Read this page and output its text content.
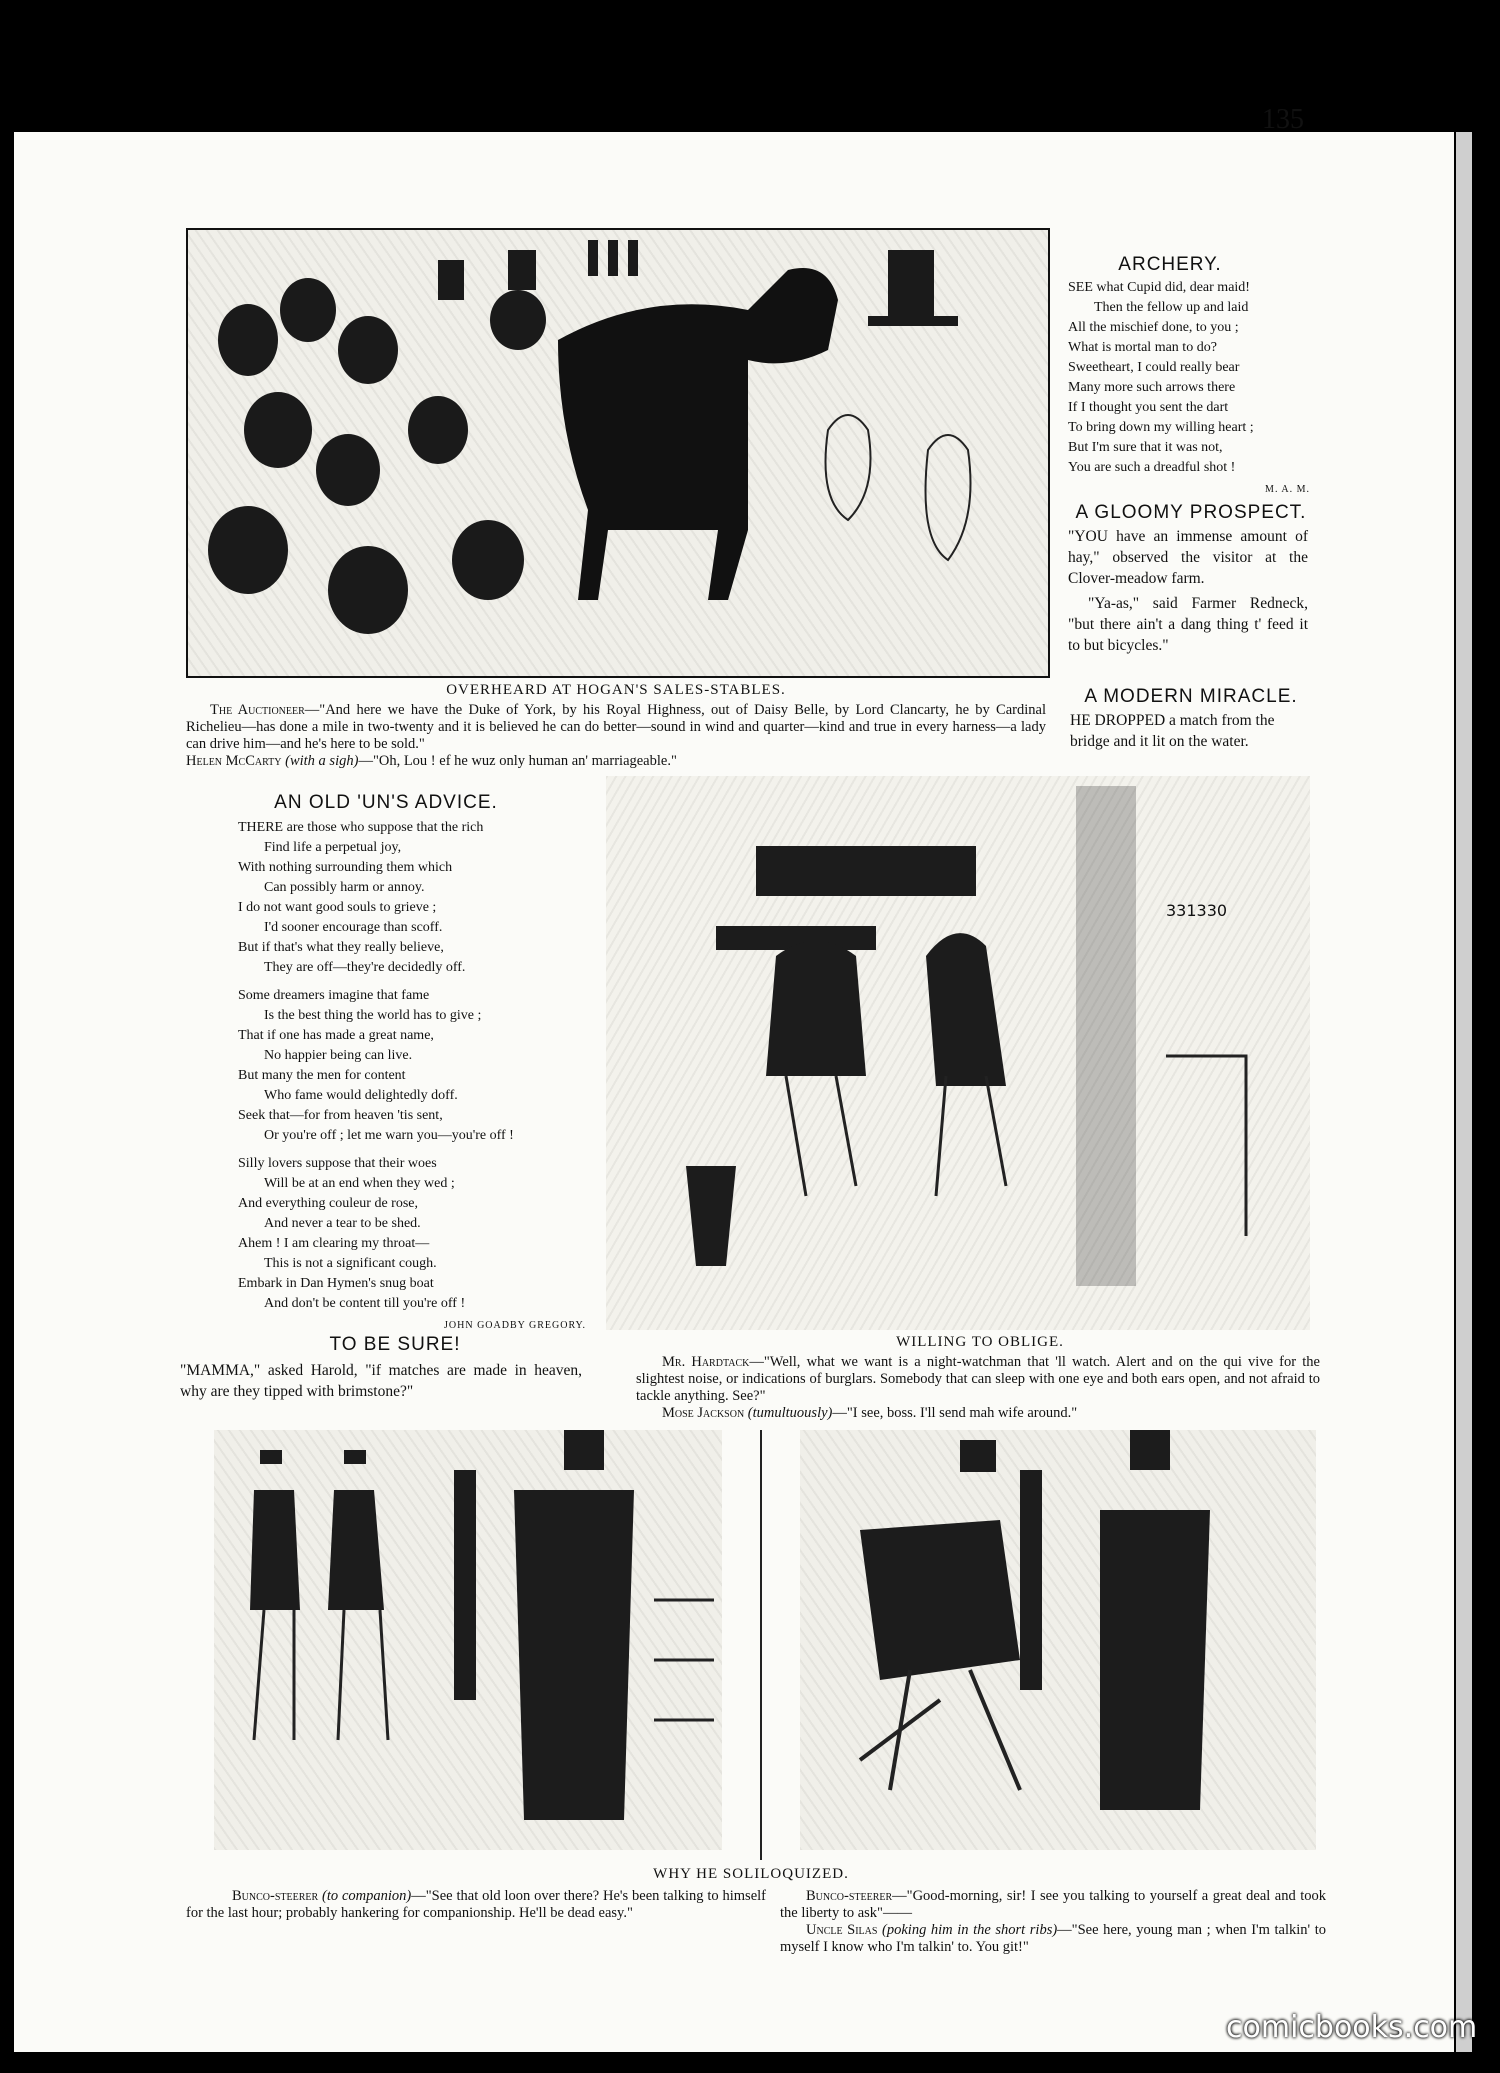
135
OVERHEARD AT HOGAN'S SALES-STABLES.
The Auctioneer—"And here we have the Duke of York, by his Royal Highness, out of Daisy Belle, by Lord Clancarty, he by Cardinal Richelieu—has done a mile in two-twenty and it is believed he can do better—sound in wind and quarter—kind and true in every harness—a lady can drive him—and he's here to be sold."
Helen McCarty (with a sigh)—"Oh, Lou ! ef he wuz only human an' marriageable."
ARCHERY.
SEE what Cupid did, dear maid!
Then the fellow up and laid
All the mischief done, to you ;
What is mortal man to do?
Sweetheart, I could really bear
Many more such arrows there
If I thought you sent the dart
To bring down my willing heart ;
But I'm sure that it was not,
You are such a dreadful shot !
M. A. M.
A GLOOMY PROSPECT.

"YOU have an immense amount of hay," observed the visitor at the Clover-meadow farm.

"Ya-as," said Farmer Redneck, "but there ain't a dang thing t' feed it to but bicycles."

A MODERN MIRACLE.
HE DROPPED a match from the bridge and it lit on the water.
AN OLD 'UN'S ADVICE.
THERE are those who suppose that the rich
Find life a perpetual joy,
With nothing surrounding them which
Can possibly harm or annoy.
I do not want good souls to grieve ;
I'd sooner encourage than scoff.
But if that's what they really believe,
They are off—they're decidedly off.
Some dreamers imagine that fame
Is the best thing the world has to give ;
That if one has made a great name,
No happier being can live.
But many the men for content
Who fame would delightedly doff.
Seek that—for from heaven 'tis sent,
Or you're off ; let me warn you—you're off !
Silly lovers suppose that their woes
Will be at an end when they wed ;
And everything couleur de rose,
And never a tear to be shed.
Ahem ! I am clearing my throat—
This is not a significant cough.
Embark in Dan Hymen's snug boat
And don't be content till you're off !
JOHN GOADBY GREGORY.
331330
WILLING TO OBLIGE.
Mr. Hardtack—"Well, what we want is a night-watchman that 'll watch. Alert and on the qui vive for the slightest noise, or indications of burglars. Somebody that can sleep with one eye and both ears open, and not afraid to tackle anything. See?"
Mose Jackson (tumultuously)—"I see, boss. I'll send mah wife around."
TO BE SURE!
"MAMMA," asked Harold, "if matches are made in heaven, why are they tipped with brimstone?"
WHY HE SOLILOQUIZED.
Bunco-steerer (to companion)—"See that old loon over there? He's been talking to himself for the last hour; probably hankering for companionship. He'll be dead easy."
Bunco-steerer—"Good-morning, sir! I see you talking to yourself a great deal and took the liberty to ask"——
Uncle Silas (poking him in the short ribs)—"See here, young man ; when I'm talkin' to myself I know who I'm talkin' to. You git!"
comicbooks.com
